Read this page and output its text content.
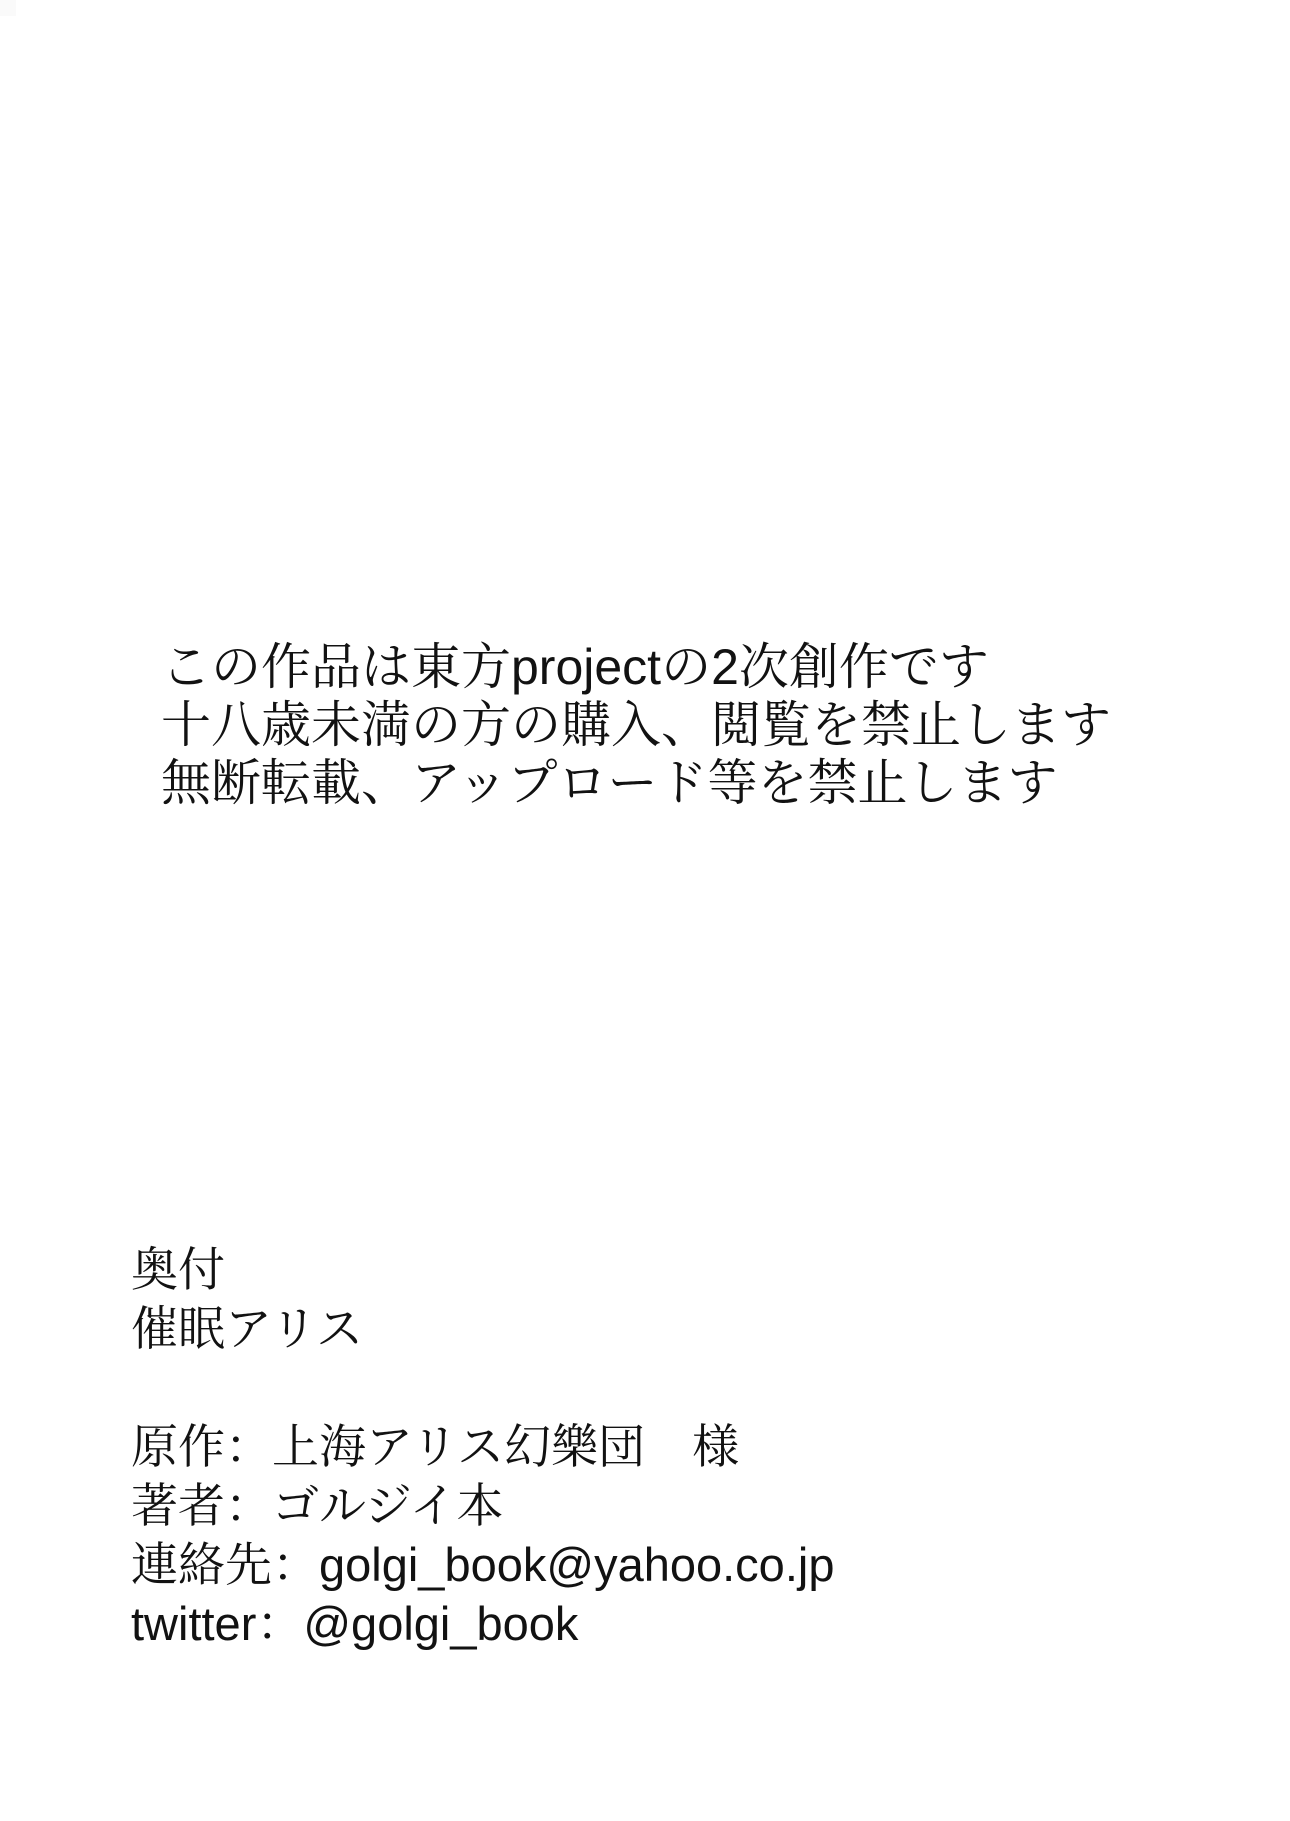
この作品は東方projectの2次創作です

十八歳未満の方の購入、閲覧を禁止します

無断転載、アップロード等を禁止します

奥付

催眠アリス

原作：上海アリス幻樂団　様

著者：ゴルジイ本

連絡先：golgi_book@yahoo.co.jp

twitter：@golgi_book
